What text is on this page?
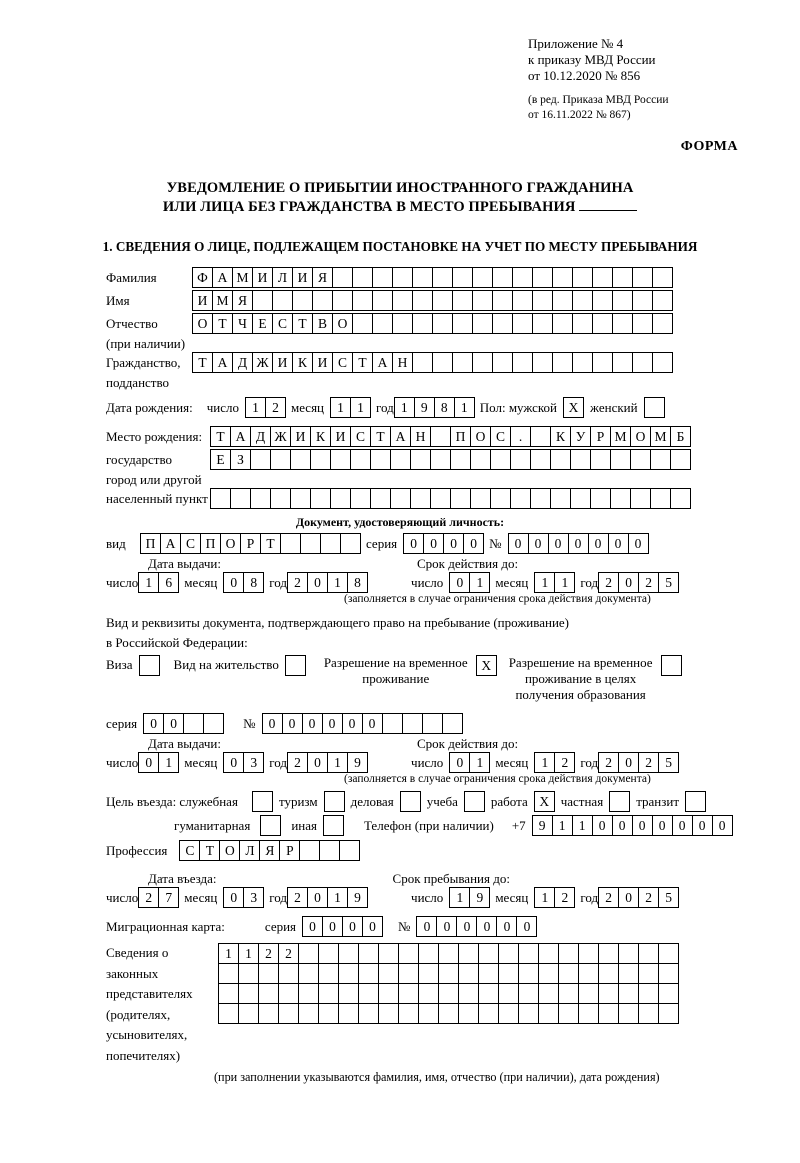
Приложение № 4
к приказу МВД России
от 10.12.2020 № 856
(в ред. Приказа МВД России
от 16.11.2022 № 867)
ФОРМА
УВЕДОМЛЕНИЕ О ПРИБЫТИИ ИНОСТРАННОГО ГРАЖДАНИНА
ИЛИ ЛИЦА БЕЗ ГРАЖДАНСТВА В МЕСТО ПРЕБЫВАНИЯ
1. СВЕДЕНИЯ О ЛИЦЕ, ПОДЛЕЖАЩЕМ ПОСТАНОВКЕ НА УЧЕТ ПО МЕСТУ ПРЕБЫВАНИЯ
Фамилия	Ф А М И Л И Я
Имя	И М Я
Отчество	О Т Ч Е С Т В О
(при наличии)
Гражданство,	Т А Д Ж И К И С Т А Н
подданство
Дата рождения: число 1 2 месяц 1 1 год 1 9 8 1 Пол: мужской Х женский
Место рождения:	Т А Д Ж И К И С Т А Н	П О С	.	К У Р М О М Б
государство	Е З
город или другой
населенный пункт
Документ, удостоверяющий личность:
вид	П А С П О Р Т	серия 0 0 0 0 № 0 0 0 0 0 0 0
Дата выдачи:	Срок действия до:
число 1 6 месяц 0 8 год 2 0 1 8	число 0 1 месяц 1 1 год 2 0 2 5
(заполняется в случае ограничения срока действия документа)
Вид и реквизиты документа, подтверждающего право на пребывание (проживание)
в Российской Федерации:
Виза	Вид на жительство	Разрешение на временное
проживание
Х	Разрешение на временное
проживание в целях
получения образования
серия 0 0	№ 0 0 0 0 0 0
Дата выдачи:	Срок действия до:
число 0 1 месяц 0 3 год 2 0 1 9	число 0 1 месяц 1 2 год 2 0 2 5
(заполняется в случае ограничения срока действия документа)
Цель въезда: служебная	туризм	деловая	учеба	работа Х частная	транзит
гуманитарная	иная	Телефон (при наличии) +7 9 1 1 0 0 0 0 0 0 0
Профессия	С Т О Л Я Р
Дата въезда:	Срок пребывания до:
число 2 7 месяц 0 3 год 2 0 1 9	число 1 9 месяц 1 2 год 2 0 2 5
Миграционная карта:	серия 0 0 0 0	№ 0 0 0 0 0 0
Сведения о
законных
представителях
(родителях,
усыновителях,
попечителях)
1 1 2 2
(при заполнении указываются фамилия, имя, отчество (при наличии), дата рождения)
